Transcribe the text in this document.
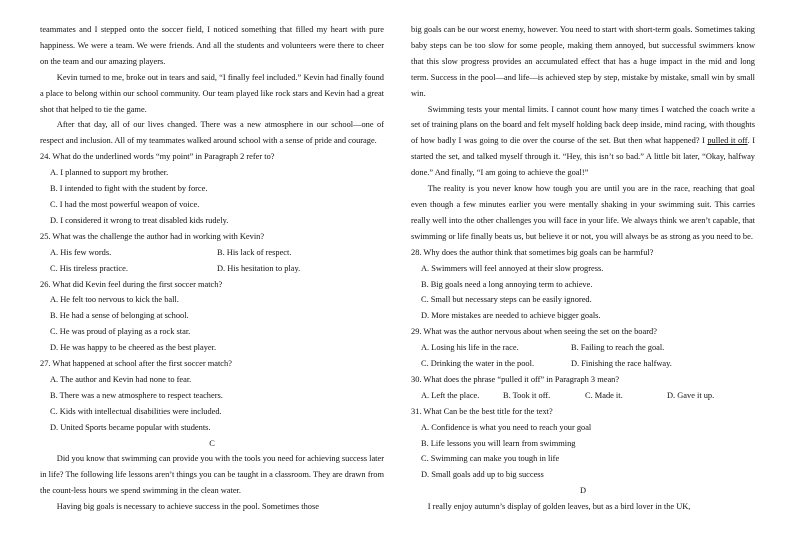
teammates and I stepped onto the soccer field, I noticed something that filled my heart with pure happiness. We were a team. We were friends. And all the students and volunteers were there to cheer on the team and our amazing players.

Kevin turned to me, broke out in tears and said, “I finally feel included.” Kevin had finally found a place to belong within our school community. Our team played like rock stars and Kevin had a great shot that helped to tie the game.

After that day, all of our lives changed. There was a new atmosphere in our school—one of respect and inclusion. All of my teammates walked around school with a sense of pride and courage.

24. What do the underlined words “my point” in Paragraph 2 refer to?

A. I planned to support my brother.

B. I intended to fight with the student by force.

C. I had the most powerful weapon of voice.

D. I considered it wrong to treat disabled kids rudely.

25. What was the challenge the author had in working with Kevin?

A. His few words.	B. His lack of respect.
C. His tireless practice.	D. His hesitation to play.

26. What did Kevin feel during the first soccer match?

A. He felt too nervous to kick the ball.

B. He had a sense of belonging at school.

C. He was proud of playing as a rock star.

D. He was happy to be cheered as the best player.

27. What happened at school after the first soccer match?

A. The author and Kevin had none to fear.

B. There was a new atmosphere to respect teachers.

C. Kids with intellectual disabilities were included.

D. United Sports became popular with students.

C

Did you know that swimming can provide you with the tools you need for achieving success later in life? The following life lessons aren’t things you can be taught in a classroom. They are drawn from the count-less hours we spend swimming in the clean water.

Having big goals is necessary to achieve success in the pool. Sometimes those

big goals can be our worst enemy, however. You need to start with short-term goals. Sometimes taking baby steps can be too slow for some people, making them annoyed, but successful swimmers know that this slow progress provides an accumulated effect that has a huge impact in the mid and long term. Success in the pool—and life—is achieved step by step, mistake by mistake, small win by small win.

Swimming tests your mental limits. I cannot count how many times I watched the coach write a set of training plans on the board and felt myself holding back deep inside, mind racing, with thoughts of how badly I was going to die over the course of the set. But then what happened? I pulled it off. I started the set, and talked myself through it. “Hey, this isn’t so bad.” A little bit later, “Okay, halfway done.” And finally, “I am going to achieve the goal!”

The reality is you never know how tough you are until you are in the race, reaching that goal even though a few minutes earlier you were mentally shaking in your swimming suit. This carries really well into the other challenges you will face in your life. We always think we aren’t capable, that swimming or life finally beats us, but believe it or not, you will always be as strong as you need to be.

28. Why does the author think that sometimes big goals can be harmful?

A. Swimmers will feel annoyed at their slow progress.

B. Big goals need a long annoying term to achieve.

C. Small but necessary steps can be easily ignored.

D. More mistakes are needed to achieve bigger goals.

29. What was the author nervous about when seeing the set on the board?

A. Losing his life in the race.	B. Failing to reach the goal.
C. Drinking the water in the pool.	D. Finishing the race halfway.

30. What does the phrase “pulled it off” in Paragraph 3 mean?

A. Left the place.	B. Took it off.	C. Made it.	D. Gave it up.

31. What Can be the best title for the text?

A. Confidence is what you need to reach your goal

B. Life lessons you will learn from swimming

C. Swimming can make you tough in life

D. Small goals add up to big success

D

I really enjoy autumn’s display of golden leaves, but as a bird lover in the UK,
